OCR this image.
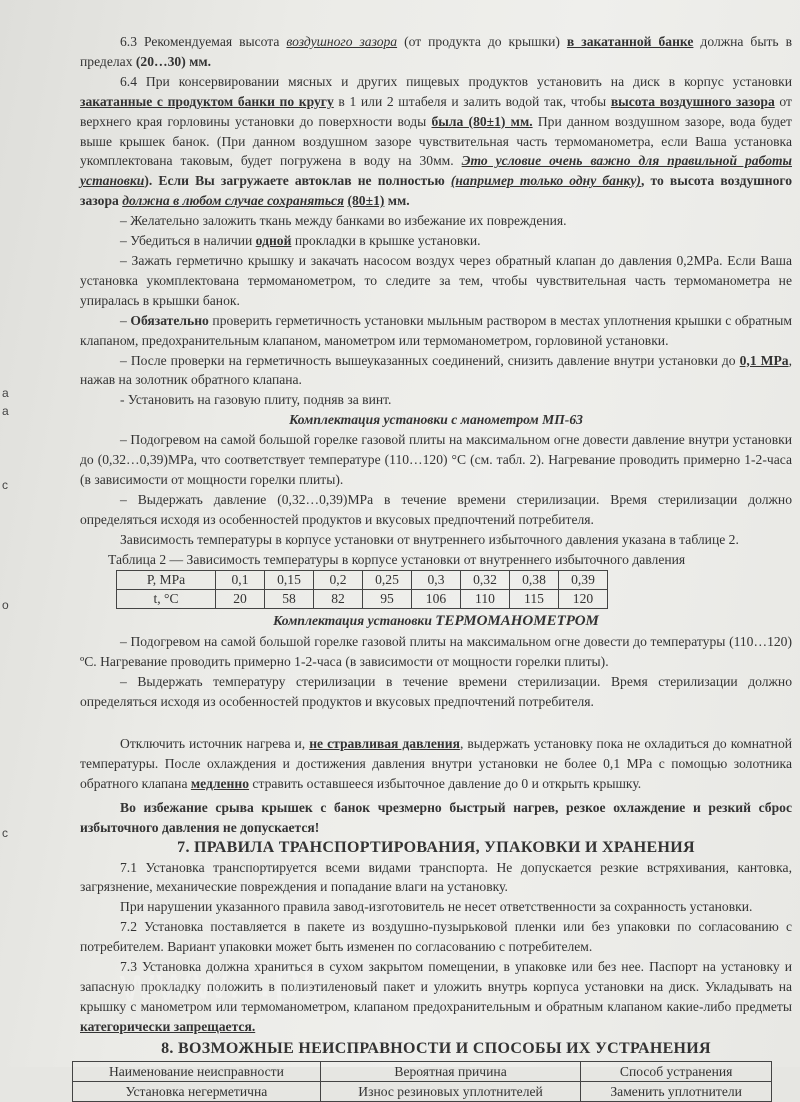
а
а
с
о
с

6.3 Рекомендуемая высота воздушного зазора (от продукта до крышки) в закатанной банке должна быть в пределах (20…30) мм.

6.4 При консервировании мясных и других пищевых продуктов установить на диск в корпус установки закатанные с продуктом банки по кругу в 1 или 2 штабеля и залить водой так, чтобы высота воздушного зазора от верхнего края горловины установки до поверхности воды была (80±1) мм. При данном воздушном зазоре, вода будет выше крышек банок. (При данном воздушном зазоре чувствительная часть термоманометра, если Ваша установка укомплектована таковым, будет погружена в воду на 30мм. Это условие очень важно для правильной работы установки). Если Вы загружаете автоклав не полностью (например только одну банку), то высота воздушного зазора должна в любом случае сохраняться (80±1) мм.

– Желательно заложить ткань между банками во избежание их повреждения.

– Убедиться в наличии одной прокладки в крышке установки.

– Зажать герметично крышку и закачать насосом воздух через обратный клапан до давления 0,2МРа. Если Ваша установка укомплектована термоманометром, то следите за тем, чтобы чувствительная часть термоманометра не упиралась в крышки банок.

– Обязательно проверить герметичность установки мыльным раствором в местах уплотнения крышки с обратным клапаном, предохранительным клапаном, манометром или термоманометром, горловиной установки.

– После проверки на герметичность вышеуказанных соединений, снизить давление внутри установки до 0,1 МРа, нажав на золотник обратного клапана.

- Установить на газовую плиту, подняв за винт.

Комплектация установки с манометром МП-63

– Подогревом на самой большой горелке газовой плиты на максимальном огне довести давление внутри установки до (0,32…0,39)МРа, что соответствует температуре (110…120) °С (см. табл. 2). Нагревание проводить примерно 1-2-часа (в зависимости от мощности горелки плиты).

– Выдержать давление (0,32…0,39)МРа в течение времени стерилизации. Время стерилизации должно определяться исходя из особенностей продуктов и вкусовых предпочтений потребителя.

Зависимость температуры в корпусе установки от внутреннего избыточного давления указана в таблице 2.

Таблица 2 — Зависимость температуры в корпусе установки от внутреннего избыточного давления

Р, МРа	0,1	0,15	0,2	0,25	0,3	0,32	0,38	0,39
t, °С	20	58	82	95	106	110	115	120

Комплектация установки ТЕРМОМАНОМЕТРОМ

– Подогревом на самой большой горелке газовой плиты на максимальном огне довести до температуры (110…120) ºС. Нагревание проводить примерно 1-2-часа (в зависимости от мощности горелки плиты).

– Выдержать температуру стерилизации в течение времени стерилизации. Время стерилизации должно определяться исходя из особенностей продуктов и вкусовых предпочтений потребителя.

Отключить источник нагрева и, не стравливая давления, выдержать установку пока не охладиться до комнатной температуры. После охлаждения и достижения давления внутри установки не более 0,1 МРа с помощью золотника обратного клапана медленно стравить оставшееся избыточное давление до 0 и открыть крышку.

Во избежание срыва крышек с банок чрезмерно быстрый нагрев, резкое охлаждение и резкий сброс избыточного давления не допускается!

7. ПРАВИЛА ТРАНСПОРТИРОВАНИЯ, УПАКОВКИ И ХРАНЕНИЯ

7.1 Установка транспортируется всеми видами транспорта. Не допускается резкие встряхивания, кантовка, загрязнение, механические повреждения и попадание влаги на установку.

При нарушении указанного правила завод-изготовитель не несет ответственности за сохранность установки.

7.2 Установка поставляется в пакете из воздушно-пузырьковой пленки или без упаковки по согласованию с потребителем. Вариант упаковки может быть изменен по согласованию с потребителем.

7.3 Установка должна храниться в сухом закрытом помещении, в упаковке или без нее. Паспорт на установку и запасную прокладку положить в полиэтиленовый пакет и уложить внутрь корпуса установки на диск. Укладывать на крышку с манометром или термоманометром, клапаном предохранительным и обратным клапаном какие-либо предметы категорически запрещается.

8. ВОЗМОЖНЫЕ НЕИСПРАВНОСТИ И СПОСОБЫ ИХ УСТРАНЕНИЯ

Наименование неисправности	Вероятная причина	Способ устранения
Установка негерметична	Износ резиновых уплотнителей	Заменить уплотнители
www. .pl
